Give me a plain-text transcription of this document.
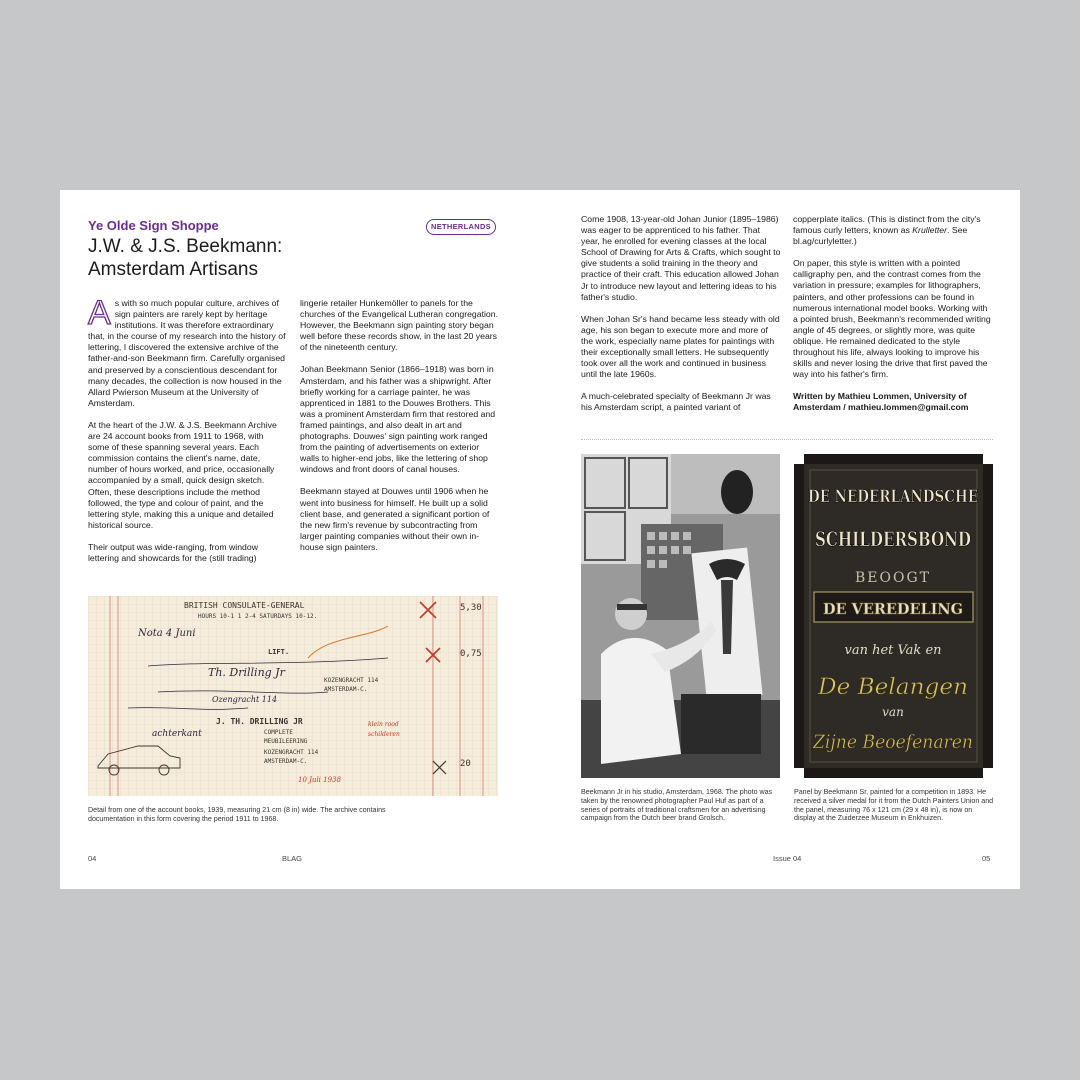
Ye Olde Sign Shoppe
J.W. & J.S. Beekmann:
Amsterdam Artisans
NETHERLANDS
A s with so much popular culture, archives of sign painters are rarely kept by heritage institutions. It was therefore extraordinary that, in the course of my research into the history of lettering, I discovered the extensive archive of the father-and-son Beekmann firm. Carefully organised and preserved by a conscientious descendant for many decades, the collection is now housed in the Allard Pwierson Museum at the University of Amsterdam.

At the heart of the J.W. & J.S. Beekmann Archive are 24 account books from 1911 to 1968, with some of these spanning several years. Each commission contains the client's name, date, number of hours worked, and price, occasionally accompanied by a small, quick design sketch. Often, these descriptions include the method followed, the type and colour of paint, and the lettering style, making this a unique and detailed historical source.

Their output was wide-ranging, from window lettering and showcards for the (still trading)

lingerie retailer Hunkemöller to panels for the churches of the Evangelical Lutheran congregation. However, the Beekmann sign painting story began well before these records show, in the last 20 years of the nineteenth century.

Johan Beekmann Senior (1866–1918) was born in Amsterdam, and his father was a shipwright. After briefly working for a carriage painter, he was apprenticed in 1881 to the Douwes Brothers. This was a prominent Amsterdam firm that restored and framed paintings, and also dealt in art and photographs. Douwes' sign painting work ranged from the painting of advertisements on exterior walls to higher-end jobs, like the lettering of shop windows and front doors of canal houses.

Beekmann stayed at Douwes until 1906 when he went into business for himself. He built up a solid client base, and generated a significant portion of the new firm's revenue by subcontracting from larger painting companies without their own in-house sign painters.

BRITISH CONSULATE-GENERAL
HOURS 10-1 1 2-4 SATURDAYS 10-12.
5,30
0,75
20
LIFT.
J. TH. DRILLING JR
KOZENGRACHT 114
AMSTERDAM-C.
COMPLETE
MEUBILEERING
KOZENGRACHT 114
AMSTERDAM-C.
Nota 4 Juni
Th. Drilling Jr
achterkant
Ozengracht 114
klein rood
schilderen
10 Juli 1938
Detail from one of the account books, 1939, measuring 21 cm (8 in) wide. The archive contains documentation in this form covering the period 1911 to 1968.
04	BLAG

Come 1908, 13-year-old Johan Junior (1895–1986) was eager to be apprenticed to his father. That year, he enrolled for evening classes at the local School of Drawing for Arts & Crafts, which sought to give students a solid training in the theory and practice of their craft. This education allowed Johan Jr to introduce new layout and lettering ideas to his father's studio.

When Johan Sr's hand became less steady with old age, his son began to execute more and more of the work, especially name plates for paintings with their exceptionally small letters. He subsequently took over all the work and continued in business until the late 1960s.

A much-celebrated specialty of Beekmann Jr was his Amsterdam script, a painted variant of

copperplate italics. (This is distinct from the city's famous curly letters, known as Krulletter. See bl.ag/curlyletter.)

On paper, this style is written with a pointed calligraphy pen, and the contrast comes from the variation in pressure; examples for lithographers, painters, and other professions can be found in numerous international model books. Working with a pointed brush, Beekmann's recommended writing angle of 45 degrees, or slightly more, was quite oblique. He remained dedicated to the style throughout his life, always looking to improve his skills and never losing the drive that first paved the way into his father's firm.

Written by Mathieu Lommen, University of Amsterdam / mathieu.lommen@gmail.com

Beekmann Jr in his studio, Amsterdam, 1968. The photo was taken by the renowned photographer Paul Huf as part of a series of portraits of traditional craftsmen for an advertising campaign from the Dutch beer brand Grolsch.
DE NEDERLANDSCHE
SCHILDERSBOND
BEOOGT
DE VEREDELING
van het Vak en
De Belangen
van
Zijne Beoefenaren
Panel by Beekmann Sr, painted for a competition in 1893. He received a silver medal for it from the Dutch Painters Union and the panel, measuring 76 x 121 cm (29 x 48 in), is now on display at the Zuiderzee Museum in Enkhuizen.
Issue 04	05
